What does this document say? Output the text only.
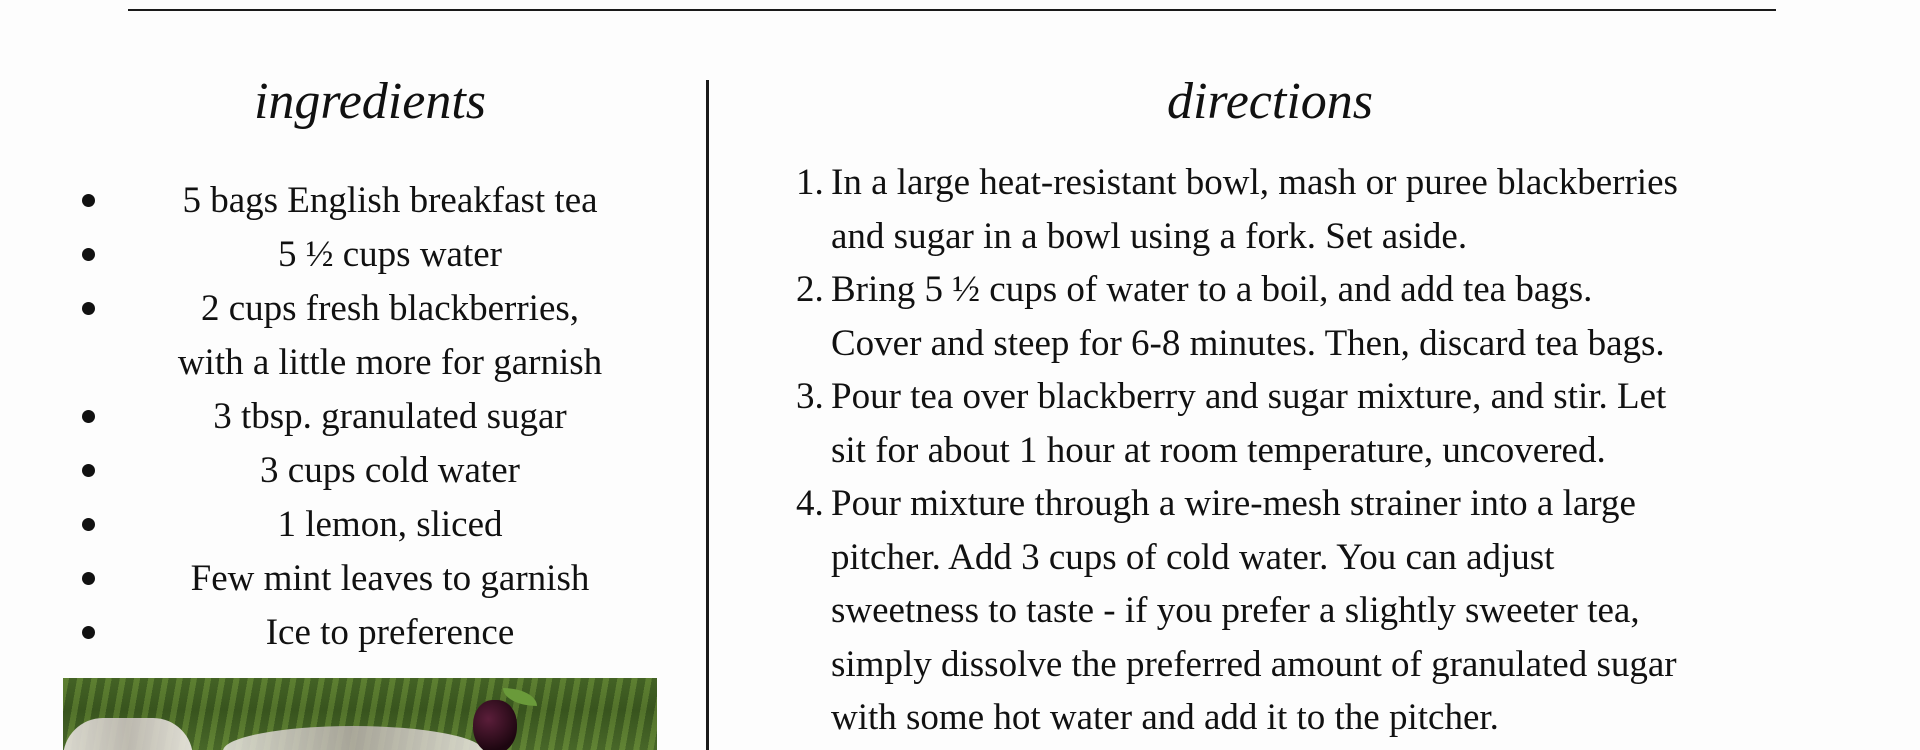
ingredients
5 bags English breakfast tea
5 ½ cups water
2 cups fresh blackberries,
with a little more for garnish
3 tbsp. granulated sugar
3 cups cold water
1 lemon, sliced
Few mint leaves to garnish
Ice to preference
directions
1. In a large heat-resistant bowl, mash or puree blackberries
and sugar in a bowl using a fork. Set aside.
2. Bring 5 ½ cups of water to a boil, and add tea bags.
Cover and steep for 6-8 minutes. Then, discard tea bags.
3. Pour tea over blackberry and sugar mixture, and stir. Let
sit for about 1 hour at room temperature, uncovered.
4. Pour mixture through a wire-mesh strainer into a large
pitcher. Add 3 cups of cold water. You can adjust
sweetness to taste - if you prefer a slightly sweeter tea,
simply dissolve the preferred amount of granulated sugar
with some hot water and add it to the pitcher.
